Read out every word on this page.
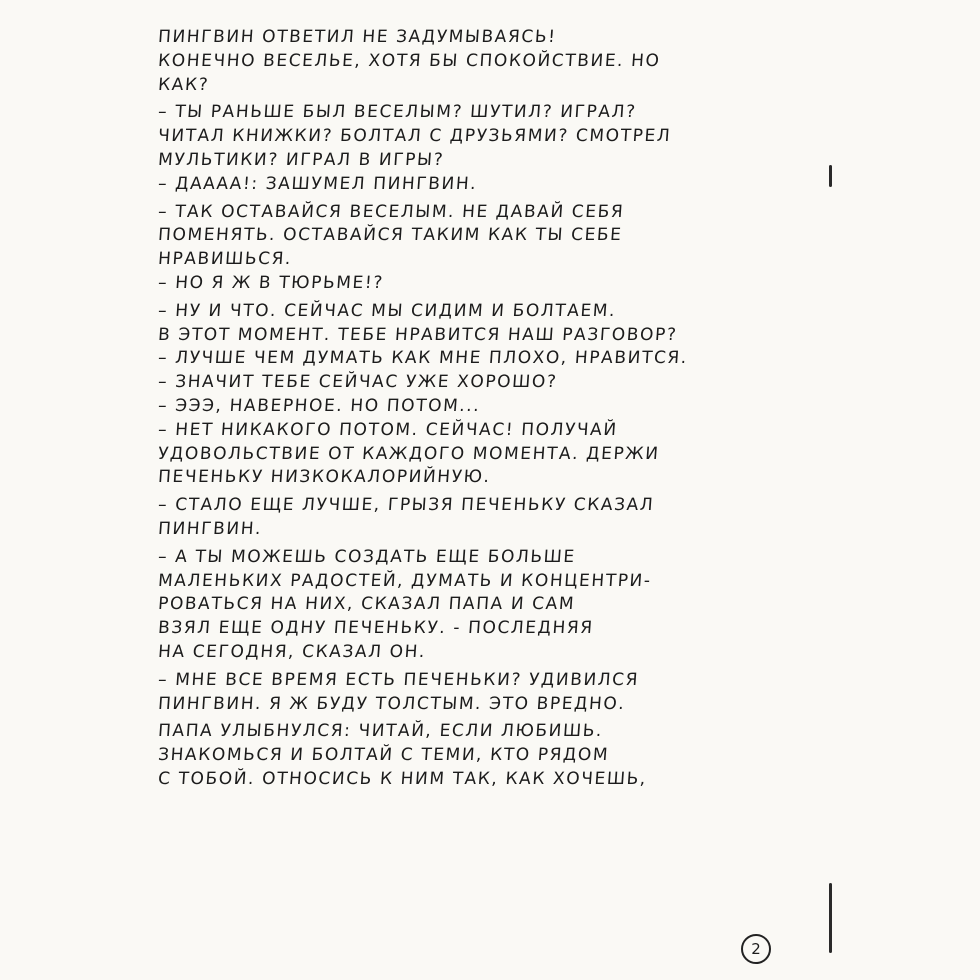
ПИНГВИН ОТВЕТИЛ НЕ ЗАДУМЫВАЯСЬ!
КОНЕЧНО ВЕСЕЛЬЕ, ХОТЯ БЫ СПОКОЙСТВИЕ. НО
КАК?
– ТЫ РАНЬШЕ БЫЛ ВЕСЕЛЫМ? ШУТИЛ? ИГРАЛ?
ЧИТАЛ КНИЖКИ? БОЛТАЛ С ДРУЗЬЯМИ? СМОТРЕЛ
МУЛЬТИКИ? ИГРАЛ В ИГРЫ?
– ДАААА!: ЗАШУМЕЛ ПИНГВИН.
– ТАК ОСТАВАЙСЯ ВЕСЕЛЫМ. НЕ ДАВАЙ СЕБЯ
ПОМЕНЯТЬ. ОСТАВАЙСЯ ТАКИМ КАК ТЫ СЕБЕ
НРАВИШЬСЯ.
– НО Я Ж В ТЮРЬМЕ!?
– НУ И ЧТО. СЕЙЧАС МЫ СИДИМ И БОЛТАЕМ.
В ЭТОТ МОМЕНТ. ТЕБЕ НРАВИТСЯ НАШ РАЗГОВОР?
– ЛУЧШЕ ЧЕМ ДУМАТЬ КАК МНЕ ПЛОХО, НРАВИТСЯ.
– ЗНАЧИТ ТЕБЕ СЕЙЧАС УЖЕ ХОРОШО?
– ЭЭЭ, НАВЕРНОЕ. НО ПОТОМ...
– НЕТ НИКАКОГО ПОТОМ. СЕЙЧАС! ПОЛУЧАЙ
УДОВОЛЬСТВИЕ ОТ КАЖДОГО МОМЕНТА. ДЕРЖИ
ПЕЧЕНЬКУ НИЗКОКАЛОРИЙНУЮ.
– СТАЛО ЕЩЕ ЛУЧШЕ, ГРЫЗЯ ПЕЧЕНЬКУ СКАЗАЛ
ПИНГВИН.
– А ТЫ МОЖЕШЬ СОЗДАТЬ ЕЩЕ БОЛЬШЕ
МАЛЕНЬКИХ РАДОСТЕЙ, ДУМАТЬ И КОНЦЕНТРИ-
РОВАТЬСЯ НА НИХ, СКАЗАЛ ПАПА И САМ
ВЗЯЛ ЕЩЕ ОДНУ ПЕЧЕНЬКУ. - ПОСЛЕДНЯЯ
НА СЕГОДНЯ, СКАЗАЛ ОН.
– МНЕ ВСЕ ВРЕМЯ ЕСТЬ ПЕЧЕНЬКИ? УДИВИЛСЯ
ПИНГВИН. Я Ж БУДУ ТОЛСТЫМ. ЭТО ВРЕДНО.
ПАПА УЛЫБНУЛСЯ: ЧИТАЙ, ЕСЛИ ЛЮБИШЬ.
ЗНАКОМЬСЯ И БОЛТАЙ С ТЕМИ, КТО РЯДОМ
С ТОБОЙ. ОТНОСИСЬ К НИМ ТАК, КАК ХОЧЕШЬ,
2
